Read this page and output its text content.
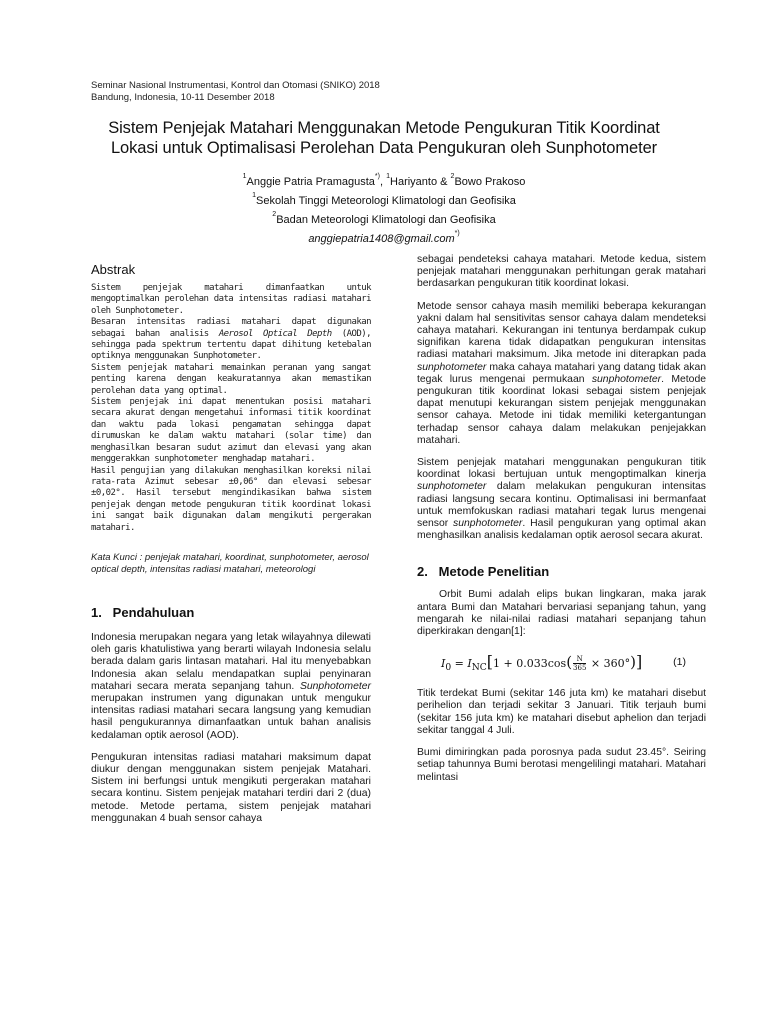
Seminar Nasional Instrumentasi, Kontrol dan Otomasi (SNIKO) 2018
Bandung, Indonesia, 10-11 Desember 2018
Sistem Penjejak Matahari Menggunakan Metode Pengukuran Titik Koordinat
Lokasi untuk Optimalisasi Perolehan Data Pengukuran oleh Sunphotometer
$^1$Anggie Patria Pramagusta*), $^1$Hariyanto & $^2$Bowo Prakoso
$^1$Sekolah Tinggi Meteorologi Klimatologi dan Geofisika
$^2$Badan Meteorologi Klimatologi dan Geofisika
anggiepatria1408@gmail.com*)
Abstrak

Sistem penjejak matahari dimanfaatkan untuk mengoptimalkan perolehan data intensitas radiasi matahari oleh Sunphotometer.

Besaran intensitas radiasi matahari dapat digunakan sebagai bahan analisis Aerosol Optical Depth (AOD), sehingga pada spektrum tertentu dapat dihitung ketebalan optiknya menggunakan Sunphotometer.

Sistem penjejak matahari memainkan peranan yang sangat penting karena dengan keakuratannya akan memastikan perolehan data yang optimal.

Sistem penjejak ini dapat menentukan posisi matahari secara akurat dengan mengetahui informasi titik koordinat dan waktu pada lokasi pengamatan sehingga dapat dirumuskan ke dalam waktu matahari (solar time) dan menghasilkan besaran sudut azimut dan elevasi yang akan menggerakkan sunphotometer menghadap matahari.

Hasil pengujian yang dilakukan menghasilkan koreksi nilai rata-rata Azimut sebesar ±0,06° dan elevasi sebesar ±0,02°. Hasil tersebut mengindikasikan bahwa sistem penjejak dengan metode pengukuran titik koordinat lokasi ini sangat baik digunakan dalam mengikuti pergerakan matahari.

Kata Kunci : penjejak matahari, koordinat, sunphotometer, aerosol optical depth, intensitas radiasi matahari, meteorologi
1.   Pendahuluan

Indonesia merupakan negara yang letak wilayahnya dilewati oleh garis khatulistiwa yang berarti wilayah Indonesia selalu berada dalam garis lintasan matahari. Hal itu menyebabkan Indonesia akan selalu mendapatkan suplai penyinaran matahari secara merata sepanjang tahun. Sunphotometer merupakan instrumen yang digunakan untuk mengukur intensitas radiasi matahari secara langsung yang kemudian hasil pengukurannya dimanfaatkan untuk bahan analisis kedalaman optik aerosol (AOD).

Pengukuran intensitas radiasi matahari maksimum dapat diukur dengan menggunakan sistem penjejak Matahari. Sistem ini berfungsi untuk mengikuti pergerakan matahari secara kontinu. Sistem penjejak matahari terdiri dari 2 (dua) metode. Metode pertama, sistem penjejak matahari menggunakan 4 buah sensor cahaya

sebagai pendeteksi cahaya matahari. Metode kedua, sistem penjejak matahari menggunakan perhitungan gerak matahari berdasarkan pengukuran titik koordinat lokasi.

Metode sensor cahaya masih memiliki beberapa kekurangan yakni dalam hal sensitivitas sensor cahaya dalam mendeteksi cahaya matahari. Kekurangan ini tentunya berdampak cukup signifikan karena tidak didapatkan pengukuran intensitas radiasi matahari maksimum. Jika metode ini diterapkan pada sunphotometer maka cahaya matahari yang datang tidak akan tegak lurus mengenai permukaan sunphotometer. Metode pengukuran titik koordinat lokasi sebagai sistem penjejak dapat menutupi kekurangan sistem penjejak menggunakan sensor cahaya. Metode ini tidak memiliki ketergantungan terhadap sensor cahaya dalam melakukan penjejakkan matahari.

Sistem penjejak matahari menggunakan pengukuran titik koordinat lokasi bertujuan untuk mengoptimalkan kinerja sunphotometer dalam melakukan pengukuran intensitas radiasi langsung secara kontinu. Optimalisasi ini bermanfaat untuk memfokuskan radiasi matahari tegak lurus mengenai sensor sunphotometer. Hasil pengukuran yang optimal akan menghasilkan analisis kedalaman optik aerosol secara akurat.

2.   Metode Penelitian

Orbit Bumi adalah elips bukan lingkaran, maka jarak antara Bumi dan Matahari bervariasi sepanjang tahun, yang mengarah ke nilai-nilai radiasi matahari sepanjang tahun diperkirakan dengan[1]:

$I_0 = I_{NC}[1 + 0.033\cos( \frac{N}{365} \times 360^\circ)]$	(1)

Titik terdekat Bumi (sekitar 146 juta km) ke matahari disebut perihelion dan terjadi sekitar 3 Januari. Titik terjauh bumi (sekitar 156 juta km) ke matahari disebut aphelion dan terjadi sekitar tanggal 4 Juli.

Bumi dimiringkan pada porosnya pada sudut 23.45°. Seiring setiap tahunnya Bumi berotasi mengelilingi matahari. Matahari melintasi
